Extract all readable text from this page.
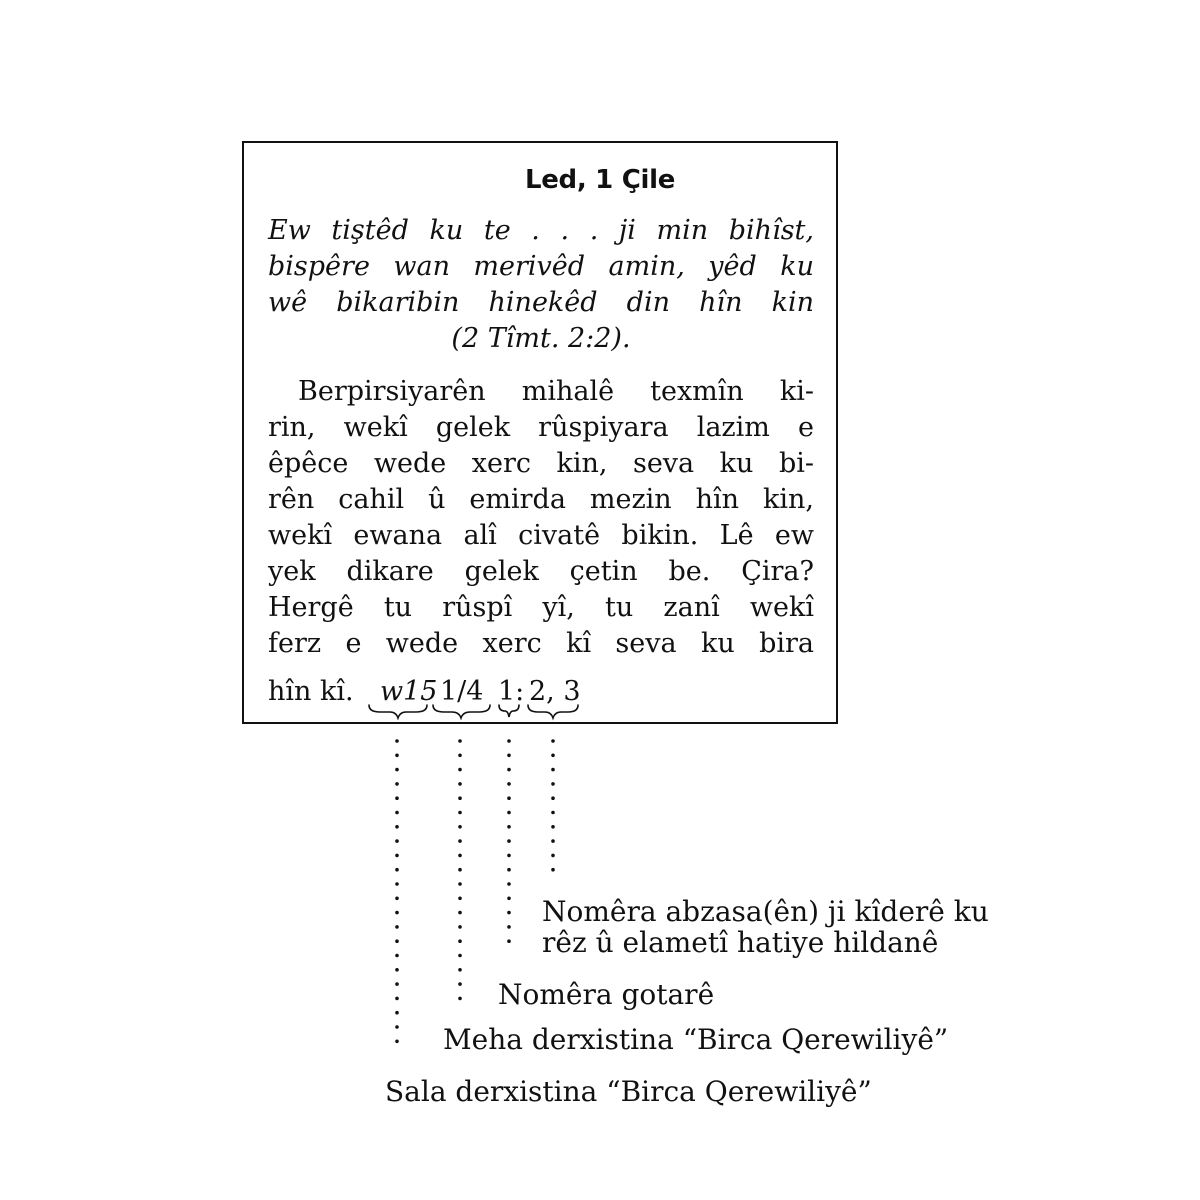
Led, 1 Çile
Ew tiştêd ku te . . . ji min bihîst,
bispêre wan merivêd amin, yêd ku
wê bikaribin hinekêd din hîn kin
(2 Tîmt. 2:2).
Berpirsiyarên mihalê texmîn ki-
rin, wekî gelek rûspiyara lazim e
êpêce wede xerc kin, seva ku bi-
rên cahil û emirda mezin hîn kin,
wekî ewana alî civatê bikin. Lê ew
yek dikare gelek çetin be. Çira?
Hergê tu rûspî yî, tu zanî wekî
ferz e wede xerc kî seva ku bira
hîn kî. w15 1/4 1: 2, 3
Nomêra abzasa(ên) ji kîderê ku
rêz û elametî hatiye hildanê
Nomêra gotarê
Meha derxistina “Birca Qerewiliyê”
Sala derxistina “Birca Qerewiliyê”
